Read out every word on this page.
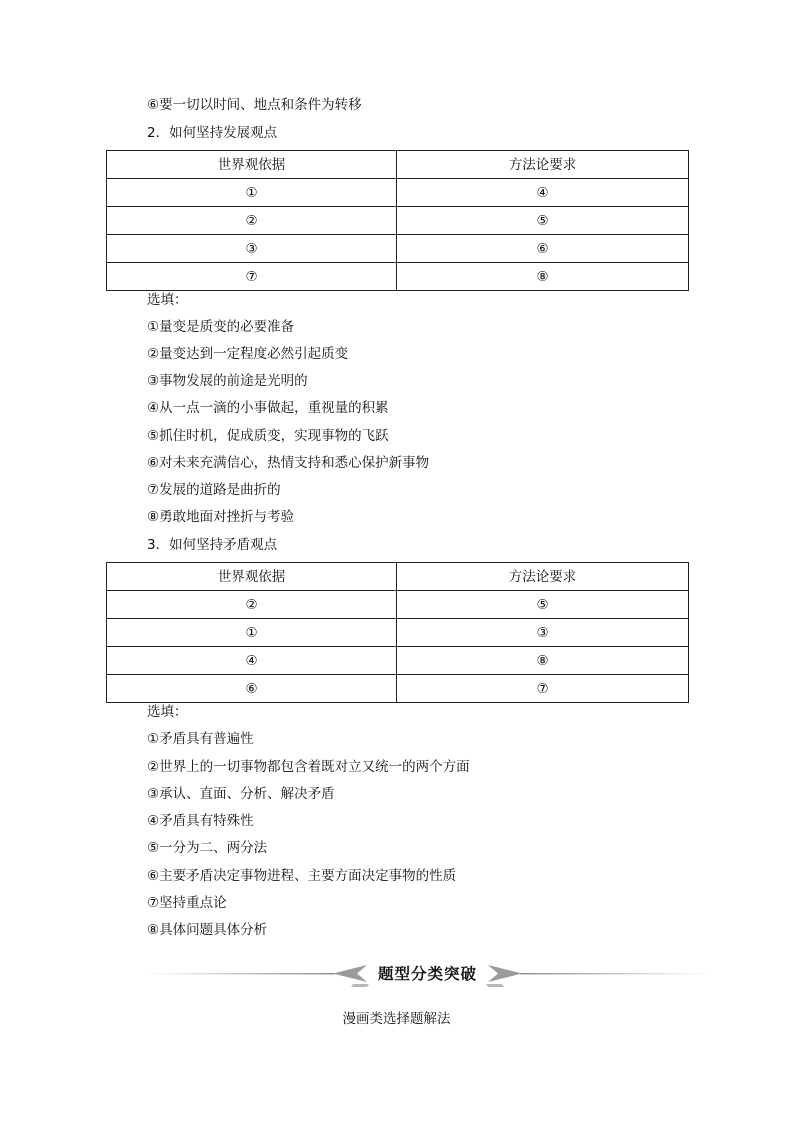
⑥要一切以时间、地点和条件为转移
2．如何坚持发展观点
世界观依据	方法论要求
①	④
②	⑤
③	⑥
⑦	⑧
选填：
①量变是质变的必要准备
②量变达到一定程度必然引起质变
③事物发展的前途是光明的
④从一点一滴的小事做起，重视量的积累
⑤抓住时机，促成质变，实现事物的飞跃
⑥对未来充满信心，热情支持和悉心保护新事物
⑦发展的道路是曲折的
⑧勇敢地面对挫折与考验
3．如何坚持矛盾观点
世界观依据	方法论要求
②	⑤
①	③
④	⑧
⑥	⑦
选填：
①矛盾具有普遍性
②世界上的一切事物都包含着既对立又统一的两个方面
③承认、直面、分析、解决矛盾
④矛盾具有特殊性
⑤一分为二、两分法
⑥主要矛盾决定事物进程、主要方面决定事物的性质
⑦坚持重点论
⑧具体问题具体分析
题型分类突破
漫画类选择题解法
